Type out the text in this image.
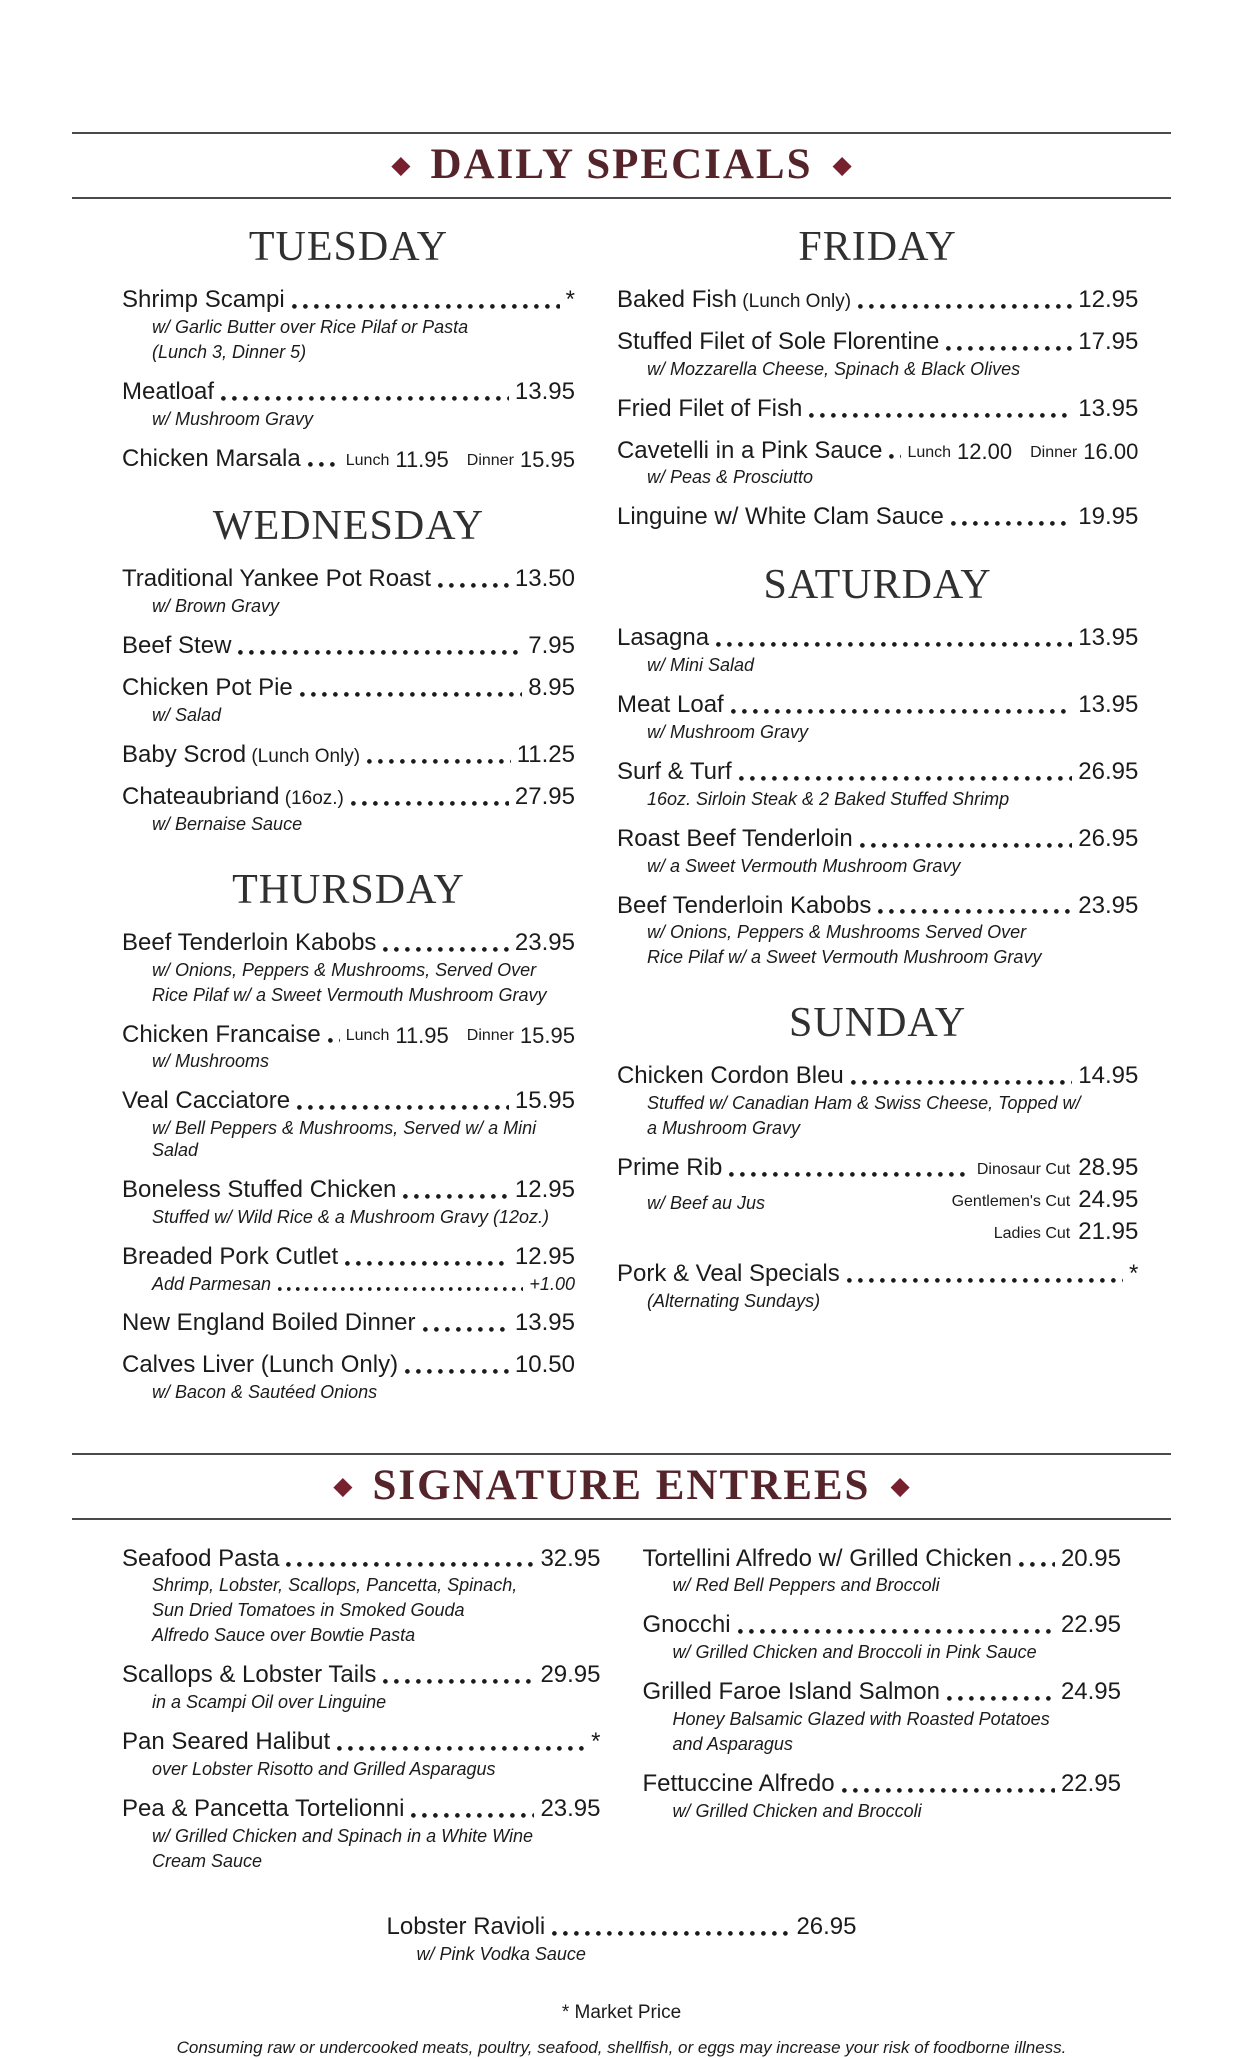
◆ DAILY SPECIALS ◆
TUESDAY
Shrimp Scampi	*
w/ Garlic Butter over Rice Pilaf or Pasta
(Lunch 3, Dinner 5)
Meatloaf	13.95
w/ Mushroom Gravy
Chicken Marsala	Lunch 11.95 Dinner 15.95
WEDNESDAY
Traditional Yankee Pot Roast	13.50
w/ Brown Gravy
Beef Stew	7.95
Chicken Pot Pie	8.95
w/ Salad
Baby Scrod (Lunch Only)	11.25
Chateaubriand (16oz.)	27.95
w/ Bernaise Sauce
THURSDAY
Beef Tenderloin Kabobs	23.95
w/ Onions, Peppers & Mushrooms, Served Over
Rice Pilaf w/ a Sweet Vermouth Mushroom Gravy
Chicken Francaise Lunch 11.95 Dinner 15.95
w/ Mushrooms
Veal Cacciatore	15.95
w/ Bell Peppers & Mushrooms, Served w/ a Mini Salad
Boneless Stuffed Chicken	12.95
Stuffed w/ Wild Rice & a Mushroom Gravy (12oz.)
Breaded Pork Cutlet	12.95
Add Parmesan	+1.00
New England Boiled Dinner	13.95
Calves Liver (Lunch Only)	10.50
w/ Bacon & Sautéed Onions
FRIDAY
Baked Fish (Lunch Only)	12.95
Stuffed Filet of Sole Florentine	17.95
w/ Mozzarella Cheese, Spinach & Black Olives
Fried Filet of Fish	13.95
Cavetelli in a Pink Sauce Lunch 12.00 Dinner 16.00
w/ Peas & Prosciutto
Linguine w/ White Clam Sauce	19.95
SATURDAY
Lasagna	13.95
w/ Mini Salad
Meat Loaf	13.95
w/ Mushroom Gravy
Surf & Turf	26.95
16oz. Sirloin Steak & 2 Baked Stuffed Shrimp
Roast Beef Tenderloin	26.95
w/ a Sweet Vermouth Mushroom Gravy
Beef Tenderloin Kabobs	23.95
w/ Onions, Peppers & Mushrooms Served Over
Rice Pilaf w/ a Sweet Vermouth Mushroom Gravy
SUNDAY
Chicken Cordon Bleu	14.95
Stuffed w/ Canadian Ham & Swiss Cheese, Topped w/
a Mushroom Gravy
Prime Rib	Dinosaur Cut 28.95
w/ Beef au Jus	Gentlemen's Cut 24.95
Ladies Cut 21.95
Pork & Veal Specials	*
(Alternating Sundays)
◆ SIGNATURE ENTREES ◆
Seafood Pasta	32.95
Shrimp, Lobster, Scallops, Pancetta, Spinach,
Sun Dried Tomatoes in Smoked Gouda
Alfredo Sauce over Bowtie Pasta
Scallops & Lobster Tails	29.95
in a Scampi Oil over Linguine
Pan Seared Halibut	*
over Lobster Risotto and Grilled Asparagus
Pea & Pancetta Tortelionni	23.95
w/ Grilled Chicken and Spinach in a White Wine
Cream Sauce
Tortellini Alfredo w/ Grilled Chicken 20.95
w/ Red Bell Peppers and Broccoli
Gnocchi	22.95
w/ Grilled Chicken and Broccoli in Pink Sauce
Grilled Faroe Island Salmon	24.95
Honey Balsamic Glazed with Roasted Potatoes
and Asparagus
Fettuccine Alfredo	22.95
w/ Grilled Chicken and Broccoli
Lobster Ravioli	26.95
w/ Pink Vodka Sauce
* Market Price
Consuming raw or undercooked meats, poultry, seafood, shellfish, or eggs may increase your risk of foodborne illness.
